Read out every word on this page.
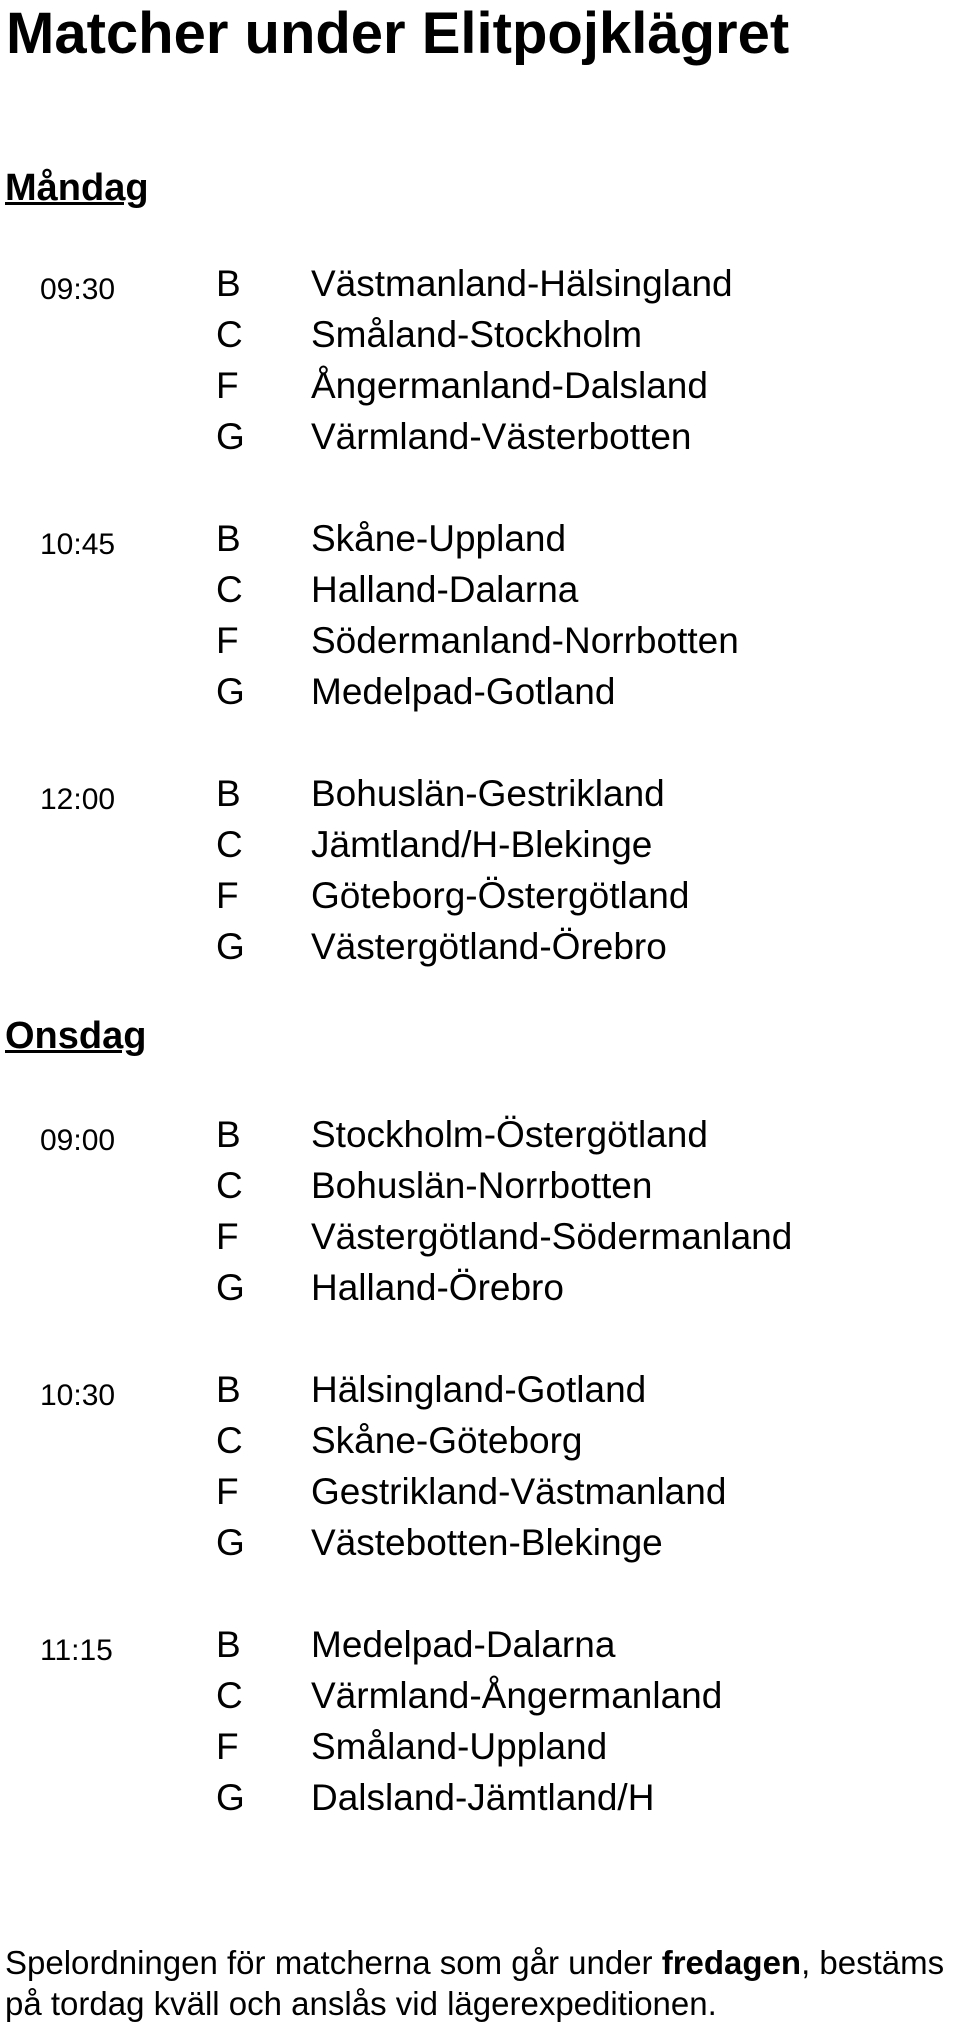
Matcher under Elitpojklägret
Måndag
09:30	B Västmanland-Hälsingland
C Småland-Stockholm
F Ångermanland-Dalsland
G Värmland-Västerbotten
10:45	B Skåne-Uppland
C Halland-Dalarna
F Södermanland-Norrbotten
G Medelpad-Gotland
12:00	B Bohuslän-Gestrikland
C Jämtland/H-Blekinge
F Göteborg-Östergötland
G Västergötland-Örebro
Onsdag
09:00	B Stockholm-Östergötland
C Bohuslän-Norrbotten
F Västergötland-Södermanland
G Halland-Örebro
10:30	B Hälsingland-Gotland
C Skåne-Göteborg
F Gestrikland-Västmanland
G Västebotten-Blekinge
11:15	B Medelpad-Dalarna
C Värmland-Ångermanland
F Småland-Uppland
G Dalsland-Jämtland/H

Spelordningen för matcherna som går under fredagen, bestäms på tordag kväll och anslås vid lägerexpeditionen.
